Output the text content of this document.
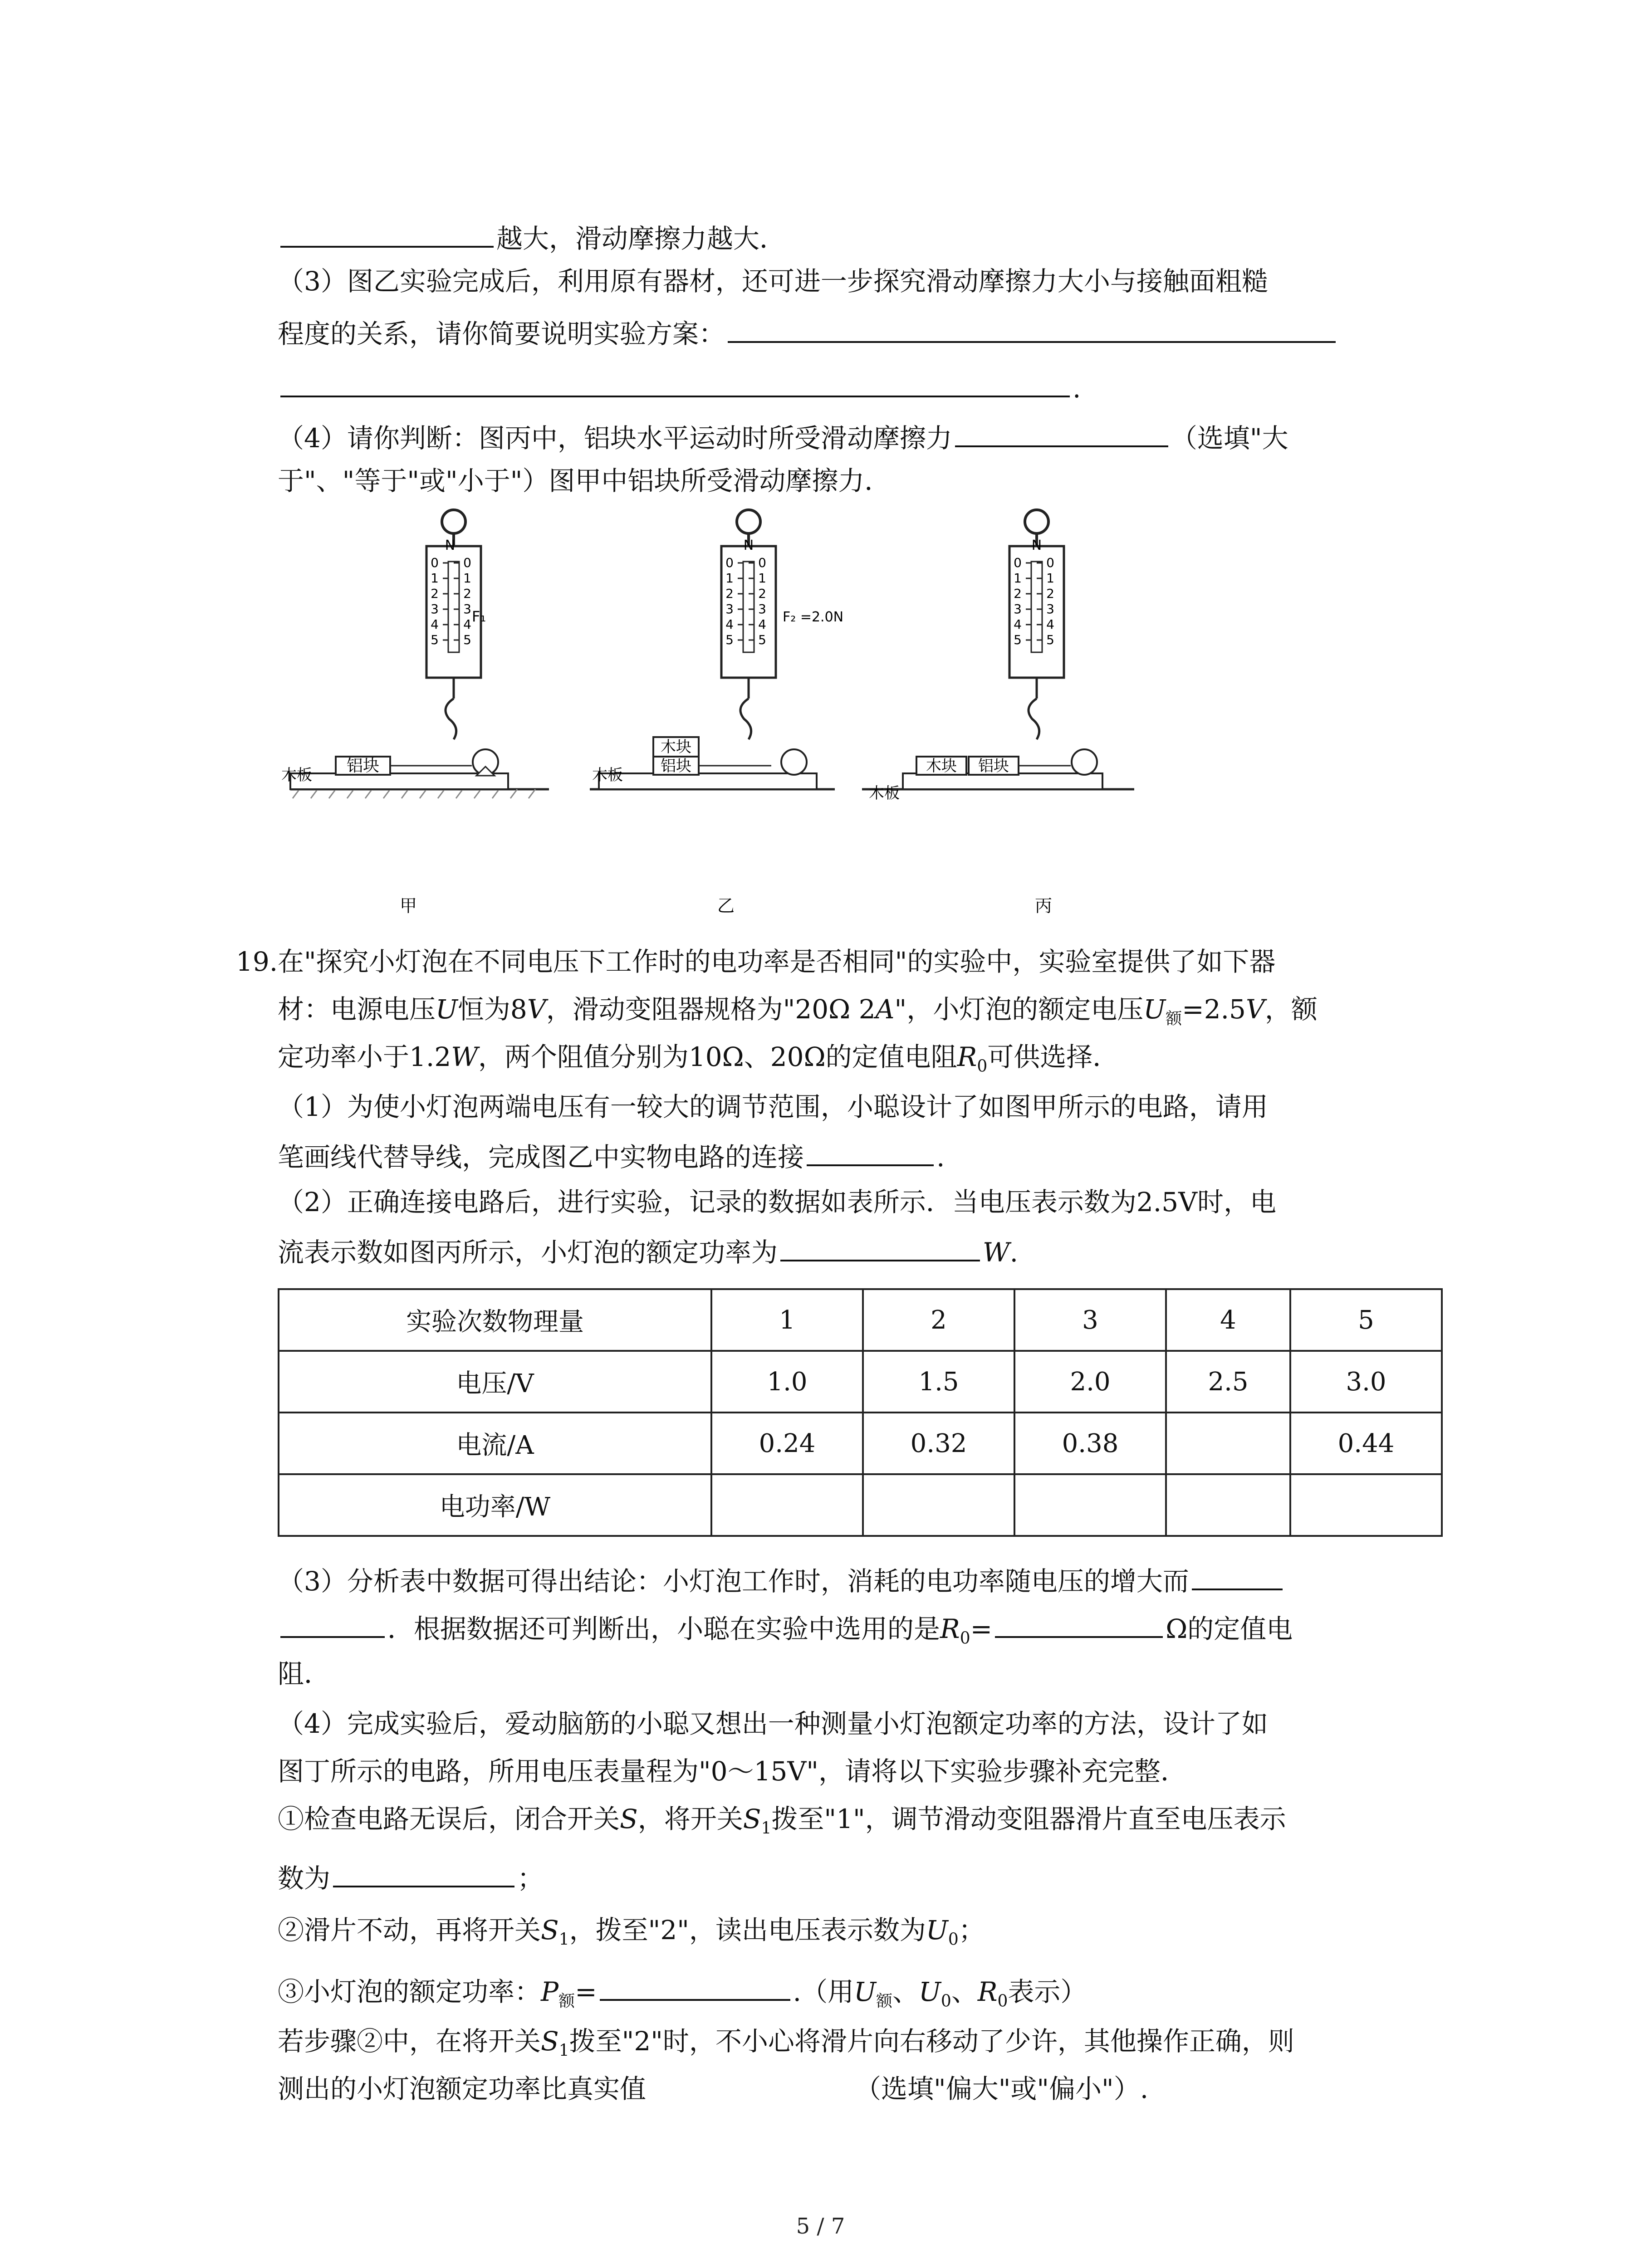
越大，滑动摩擦力越大．
（3）图乙实验完成后，利用原有器材，还可进一步探究滑动摩擦力大小与接触面粗糙
程度的关系，请你简要说明实验方案：
.
（4）请你判断：图丙中，铝块水平运动时所受滑动摩擦力	（选填"大
于"、"等于"或"小于"）图甲中铝块所受滑动摩擦力．
铝块
木板
N
F₁
甲
铝块
木块
木板
N
F₂ =2.0N
乙
木块 铝块
木板
N
丙
0 0
1 1
2 2
3 3
4 4
5 5
0 0
1 1
2 2
3 3
4 4
5 5
0 0
1 1
2 2
3 3
4 4
5 5
19. 在"探究小灯泡在不同电压下工作时的电功率是否相同"的实验中，实验室提供了如下器
材：电源电压U恒为8V，滑动变阻器规格为"20Ω 2A"，小灯泡的额定电压$U_额=2.5V$，额
定功率小于1.2W，两个阻值分别为10Ω、20Ω的定值电阻$R_0$可供选择．
（1）为使小灯泡两端电压有一较大的调节范围，小聪设计了如图甲所示的电路，请用
笔画线代替导线，完成图乙中实物电路的连接	.
（2）正确连接电路后，进行实验，记录的数据如表所示．当电压表示数为2.5V时，电
流表示数如图丙所示，小灯泡的额定功率为	W.
实验次数物理量	1	2	3	4	5
电压/V	1.0	1.5	2.0	2.5	3.0
电流/A	0.24	0.32	0.38		0.44
电功率/W					
（3）分析表中数据可得出结论：小灯泡工作时，消耗的电功率随电压的增大而
．根据数据还可判断出，小聪在实验中选用的是$R_0=$	Ω的定值电
阻．
（4）完成实验后，爱动脑筋的小聪又想出一种测量小灯泡额定功率的方法，设计了如
图丁所示的电路，所用电压表量程为"0～15V"，请将以下实验步骤补充完整．
①检查电路无误后，闭合开关S，将开关$S_1$拨至"1"，调节滑动变阻器滑片直至电压表示
数为	；
②滑片不动，再将开关$S_1$，拨至"2"，读出电压表示数为$U_0$；
③小灯泡的额定功率：$P_额=$	.（用$U_额$、$U_0$、$R_0$表示）
若步骤②中，在将开关$S_1$拨至"2"时，不小心将滑片向右移动了少许，其他操作正确，则
测出的小灯泡额定功率比真实值	（选填"偏大"或"偏小"）.
5 / 7
